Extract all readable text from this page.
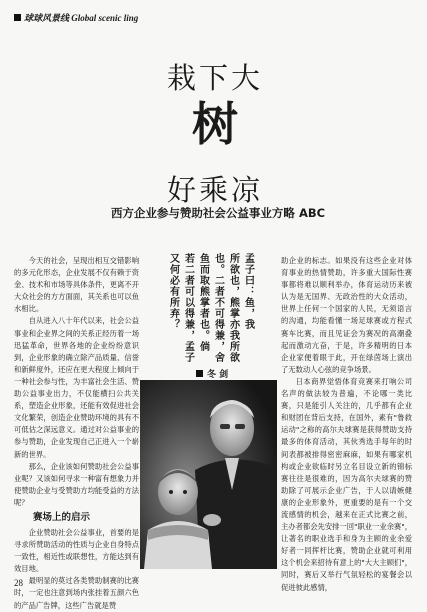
球球风景线 Global scenic ling
栽下大
树
好乘凉
西方企业参与赞助社会公益事业方略 ABC

今天的社会，呈现出相互交错影响的多元化形态，企业发展不仅有赖于资金、技术和市场等具体条件，更离不开大众社会的方方面面，其关系也可以鱼水相比。

自从进入八十年代以来，社会公益事业和企业界之间的关系正经历着一场迅猛革命，世界各地的企业纷纷意识到，企业形象的确立除产品质量、信誉和新鲜度外，还应在更大程度上倾向于一种社会参与性，为丰富社会生活、赞助公益事业出力，不仅能横扫公共关系，塑造企业形象，还能有效促进社会文化繁荣，创造企业赞助环境的具有不可低估之深远意义。通过对公益事业的参与赞助，企业发现自己正进入一个崭新的世界。

那么，企业该如何赞助社会公益事业呢？又该如何寻求一种富有想象力并使赞助企业与受赞助方均能受益的方法呢？

赛场上的启示

企业赞助社会公益事业，首要的是寻求所赞助活动的性质与企业自身特点一致性，相近性或联想性，方能达到有效目地。

最明显的莫过各类赞助制赛的比赛时，一定也注意到场内张挂着五颜六色的产品广告牌，这些广告就是赞

孟子曰：鱼，我
所欲也，熊掌亦我所欲
也。二者不可得兼，舍
鱼而取熊掌者也。倘
若二者可以得兼，孟子
又何必有所弃？
冬 剑

助企业的标志。如果没有这些企业对体育事业的热情赞助，许多重大国际性赛事都将难以顺利举办，体育运动历来被认为是无国界、无政治性的大众活动，世界上任何一个国家的人民，无须语言的沟通，均能看懂一场足球赛或方程式赛车比赛，而且见证会为赛况的高潮叠起而激动亢奋，于是，许多精明的日本企业家便着眼于此，开在绿茵场上演出了无数动人心弦的竞争场景。

日本商界觉悟体育竞赛来打响公司名声的做法较为普遍，不论哪一类比赛，只是能引人关注的，几乎都有企业和财团在背后支持，在国外，素有"鲁救运动"之称的高尔夫球赛是获得赞助支持最多的体育活动，其伙秀选手每年的时间表都被排得密密麻麻，如果有哪家机构或企业欲临时另立名目设立新的锦标赛往往是很难的，因为高尔夫球赛的赞助除了可展示企业广告，于人以请嫉健康的企业形象外，更重要的是有一个交流感情的机会，越来在正式比赛之前，主办者都会先安排一回"职业一业余赛"，让著名的职业选手和身为主顾的业余爱好者一同挥杆比赛，赞助企业就可利用这个机会来招待有意上的"大大主顾们"，同时，赛后又举行气氛轻松的宴餐会以促进彼此感情，

28
